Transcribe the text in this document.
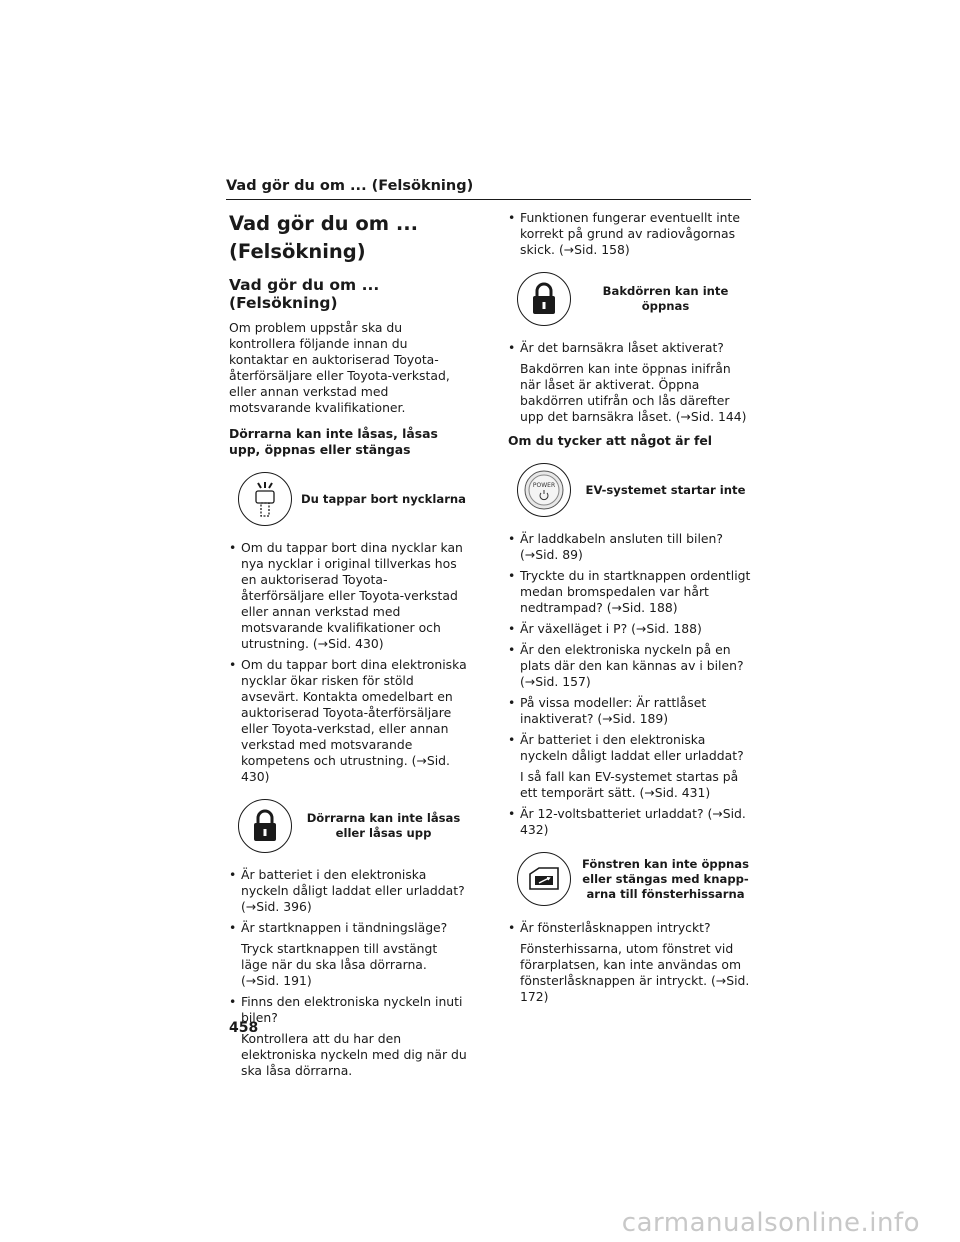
Vad gör du om ... (Felsökning)
Vad gör du om ...
(Felsökning)
Vad gör du om ... (Felsökning)

Om problem uppstår ska du kontrollera följande innan du kontaktar en auktoriserad Toyota-återförsäljare eller Toyota-verkstad, eller annan verkstad med motsvarande kvalifikationer.

Dörrarna kan inte låsas, låsas upp, öppnas eller stängas
Du tappar bort nycklarna
• Om du tappar bort dina nycklar kan nya nycklar i original tillverkas hos en auktoriserad Toyota-återförsäljare eller Toyota-verkstad eller annan verkstad med motsvarande kvalifikationer och utrustning. (→Sid. 430)
• Om du tappar bort dina elektroniska nycklar ökar risken för stöld avsevärt. Kontakta omedelbart en auktoriserad Toyota-återförsäljare eller Toyota-verkstad, eller annan verkstad med motsvarande kompetens och utrustning. (→Sid. 430)
Dörrarna kan inte låsas eller låsas upp
• Är batteriet i den elektroniska nyckeln dåligt laddat eller urladdat? (→Sid. 396)
• Är startknappen i tändningsläge?
Tryck startknappen till avstängt läge när du ska låsa dörrarna. (→Sid. 191)
• Finns den elektroniska nyckeln inuti bilen?
Kontrollera att du har den elektroniska nyckeln med dig när du ska låsa dörrarna.
• Funktionen fungerar eventuellt inte korrekt på grund av radiovågornas skick. (→Sid. 158)
Bakdörren kan inte öppnas
• Är det barnsäkra låset aktiverat?
Bakdörren kan inte öppnas inifrån när låset är aktiverat. Öppna bakdörren utifrån och lås därefter upp det barnsäkra låset. (→Sid. 144)
Om du tycker att något är fel
POWER	EV-systemet startar inte
• Är laddkabeln ansluten till bilen? (→Sid. 89)
• Tryckte du in startknappen ordentligt medan bromspedalen var hårt nedtrampad? (→Sid. 188)
• Är växelläget i P? (→Sid. 188)
• Är den elektroniska nyckeln på en plats där den kan kännas av i bilen? (→Sid. 157)
• På vissa modeller: Är rattlåset inaktiverat? (→Sid. 189)
• Är batteriet i den elektroniska nyckeln dåligt laddat eller urladdat?
I så fall kan EV-systemet startas på ett temporärt sätt. (→Sid. 431)
• Är 12-voltsbatteriet urladdat? (→Sid. 432)
Fönstren kan inte öppnas eller stängas med knapp-arna till fönsterhissarna
• Är fönsterlåsknappen intryckt?
Fönsterhissarna, utom fönstret vid förarplatsen, kan inte användas om fönsterlåsknappen är intryckt. (→Sid. 172)
458
carmanualsonline.info
